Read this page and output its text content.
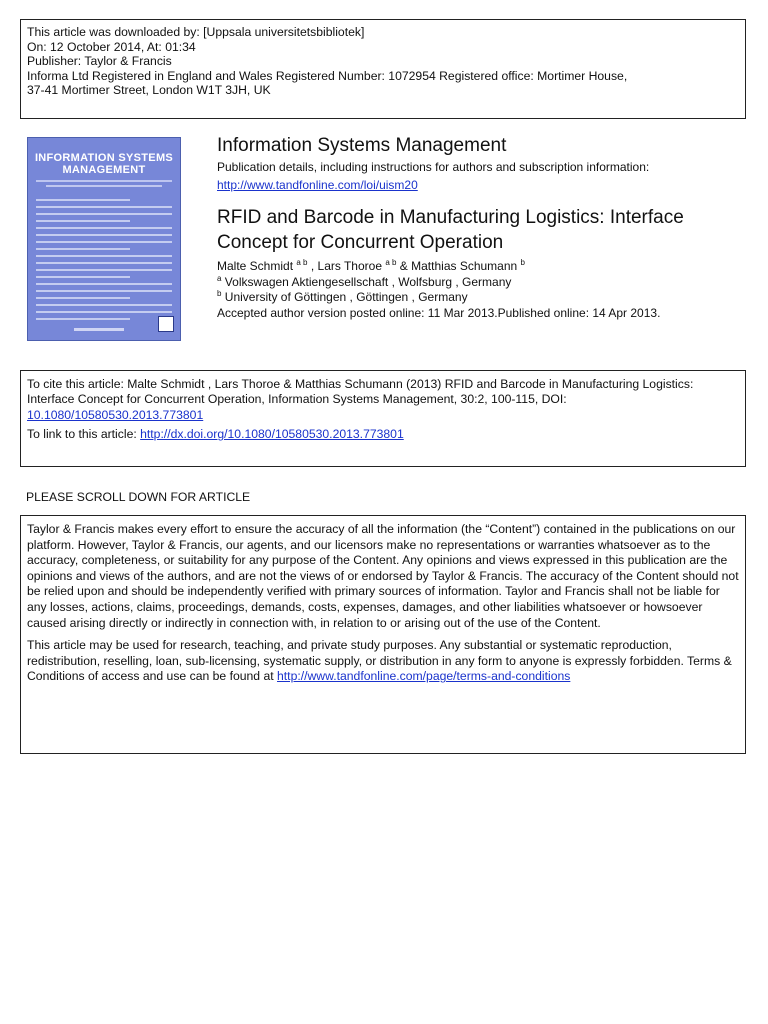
This article was downloaded by: [Uppsala universitetsbibliotek]
On: 12 October 2014, At: 01:34
Publisher: Taylor & Francis
Informa Ltd Registered in England and Wales Registered Number: 1072954 Registered office: Mortimer House,
37-41 Mortimer Street, London W1T 3JH, UK
INFORMATION SYSTEMS
MANAGEMENT
Information Systems Management
Publication details, including instructions for authors and subscription information:
http://www.tandfonline.com/loi/uism20
RFID and Barcode in Manufacturing Logistics: Interface Concept for Concurrent Operation
Malte Schmidt $^{a b}$ , Lars Thoroe $^{a b}$ & Matthias Schumann $^b$
$^a$ Volkswagen Aktiengesellschaft , Wolfsburg , Germany
$^b$ University of Göttingen , Göttingen , Germany
Accepted author version posted online: 11 Mar 2013.Published online: 14 Apr 2013.
To cite this article: Malte Schmidt , Lars Thoroe & Matthias Schumann (2013) RFID and Barcode in Manufacturing Logistics: Interface Concept for Concurrent Operation, Information Systems Management, 30:2, 100-115, DOI: 10.1080/10580530.2013.773801
To link to this article: http://dx.doi.org/10.1080/10580530.2013.773801
PLEASE SCROLL DOWN FOR ARTICLE

Taylor & Francis makes every effort to ensure the accuracy of all the information (the “Content”) contained in the publications on our platform. However, Taylor & Francis, our agents, and our licensors make no representations or warranties whatsoever as to the accuracy, completeness, or suitability for any purpose of the Content. Any opinions and views expressed in this publication are the opinions and views of the authors, and are not the views of or endorsed by Taylor & Francis. The accuracy of the Content should not be relied upon and should be independently verified with primary sources of information. Taylor and Francis shall not be liable for any losses, actions, claims, proceedings, demands, costs, expenses, damages, and other liabilities whatsoever or howsoever caused arising directly or indirectly in connection with, in relation to or arising out of the use of the Content.

This article may be used for research, teaching, and private study purposes. Any substantial or systematic reproduction, redistribution, reselling, loan, sub-licensing, systematic supply, or distribution in any form to anyone is expressly forbidden. Terms & Conditions of access and use can be found at http://www.tandfonline.com/page/terms-and-conditions
